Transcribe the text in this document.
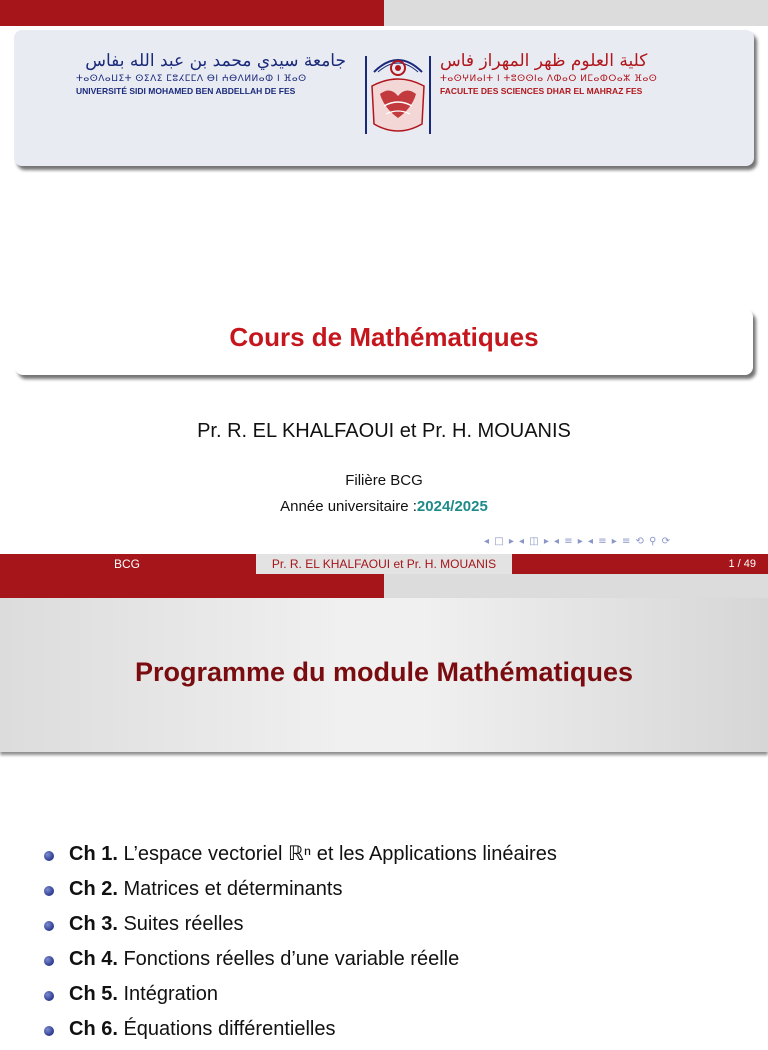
جامعة سيدي محمد بن عبد الله بفاس
ⵜⴰⵙⴷⴰⵡⵉⵜ ⵙⵉⴷⵉ ⵎⵓⵃⵎⵎⴷ ⴱⵏ ⵄⴱⴷⵍⵍⴰⵀ ⵏ ⴼⴰⵙ
UNIVERSITÉ SIDI MOHAMED BEN ABDELLAH DE FES
كلية العلوم ظهر المهراز فاس
ⵜⴰⵙⵖⵍⴰⵏⵜ ⵏ ⵜⵓⵙⵙⵏⴰ ⴷⵀⴰⵔ ⵍⵎⴰⵀⵔⴰⵣ ⴼⴰⵙ
FACULTE DES SCIENCES DHAR EL MAHRAZ FES
Cours de Mathématiques
Pr. R. EL KHALFAOUI et Pr. H. MOUANIS
Filière BCG
Année universitaire :2024/2025
◂ □ ▸ ◂ ◫ ▸ ◂ ≡ ▸ ◂ ≡ ▸ ≡ ⟲ ⚲ ⟳
BCG	Pr. R. EL KHALFAOUI et Pr. H. MOUANIS	1 / 49
Programme du module Mathématiques
Ch 1. L’espace vectoriel ℝⁿ et les Applications linéaires
Ch 2. Matrices et déterminants
Ch 3. Suites réelles
Ch 4. Fonctions réelles d’une variable réelle
Ch 5. Intégration
Ch 6. Équations différentielles
